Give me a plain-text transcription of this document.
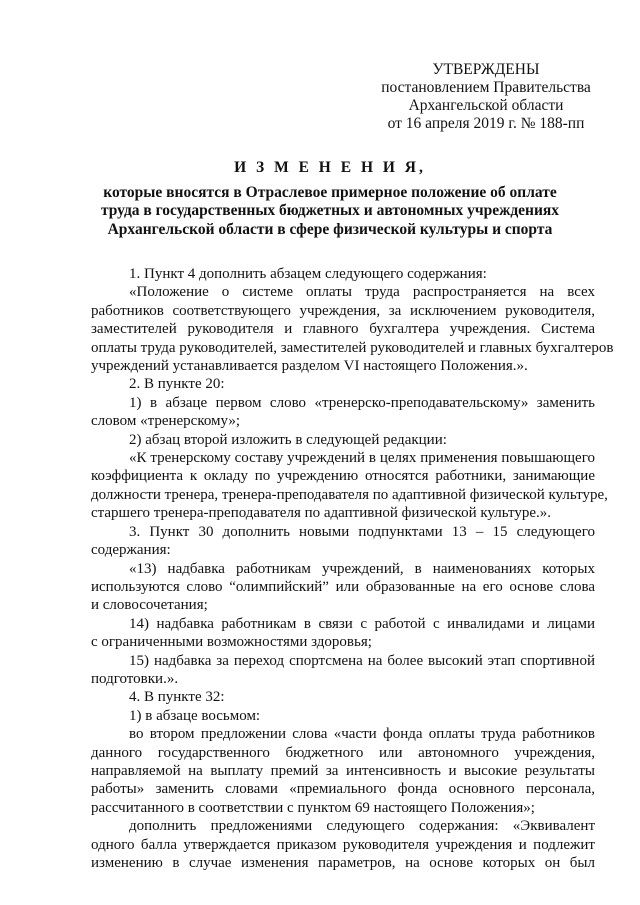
УТВЕРЖДЕНЫ
постановлением Правительства
Архангельской области
от 16 апреля 2019 г. № 188-пп
И З М Е Н Е Н И Я,
которые вносятся в Отраслевое примерное положение об оплате
труда в государственных бюджетных и автономных учреждениях
Архангельской области в сфере физической культуры и спорта

1. Пункт 4 дополнить абзацем следующего содержания:

«Положение о системе оплаты труда распространяется на всех
работников соответствующего учреждения, за исключением руководителя,
заместителей руководителя и главного бухгалтера учреждения. Система
оплаты труда руководителей, заместителей руководителей и главных бухгалтеров
учреждений устанавливается разделом VI настоящего Положения.».

2. В пункте 20:

1) в абзаце первом слово «тренерско-преподавательскому» заменить
словом «тренерскому»;

2) абзац второй изложить в следующей редакции:

«К тренерскому составу учреждений в целях применения повышающего
коэффициента к окладу по учреждению относятся работники, занимающие
должности тренера, тренера-преподавателя по адаптивной физической культуре,
старшего тренера-преподавателя по адаптивной физической культуре.».

3. Пункт 30 дополнить новыми подпунктами 13 – 15 следующего
содержания:

«13) надбавка работникам учреждений, в наименованиях которых
используются слово “олимпийский” или образованные на его основе слова
и словосочетания;

14) надбавка работникам в связи с работой с инвалидами и лицами
с ограниченными возможностями здоровья;

15) надбавка за переход спортсмена на более высокий этап спортивной
подготовки.».

4. В пункте 32:

1) в абзаце восьмом:

во втором предложении слова «части фонда оплаты труда работников
данного государственного бюджетного или автономного учреждения,
направляемой на выплату премий за интенсивность и высокие результаты
работы» заменить словами «премиального фонда основного персонала,
рассчитанного в соответствии с пунктом 69 настоящего Положения»;

дополнить предложениями следующего содержания: «Эквивалент
одного балла утверждается приказом руководителя учреждения и подлежит
изменению в случае изменения параметров, на основе которых он был
